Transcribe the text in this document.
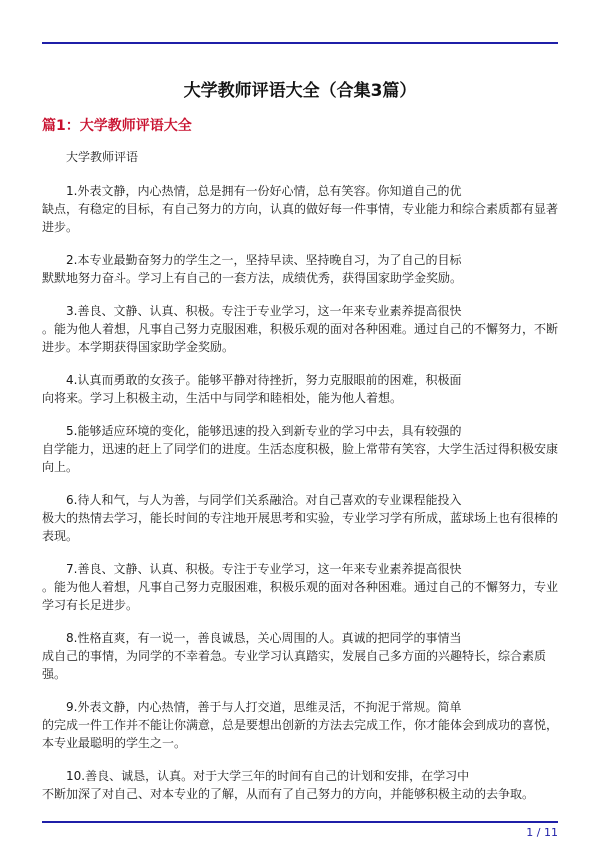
大学教师评语大全（合集3篇）
篇1：大学教师评语大全

大学教师评语

1.外表文静，内心热情，总是拥有一份好心情，总有笑容。你知道自己的优
缺点，有稳定的目标，有自己努力的方向，认真的做好每一件事情，专业能力和综合素质都有显著进步。

2.本专业最勤奋努力的学生之一，坚持早读、坚持晚自习，为了自己的目标
默默地努力奋斗。学习上有自己的一套方法，成绩优秀，获得国家助学金奖励。

3.善良、文静、认真、积极。专注于专业学习，这一年来专业素养提高很快
。能为他人着想，凡事自己努力克服困难，积极乐观的面对各种困难。通过自己的不懈努力，不断进步。本学期获得国家助学金奖励。

4.认真而勇敢的女孩子。能够平静对待挫折，努力克服眼前的困难，积极面
向将来。学习上积极主动，生活中与同学和睦相处，能为他人着想。

5.能够适应环境的变化，能够迅速的投入到新专业的学习中去，具有较强的
自学能力，迅速的赶上了同学们的进度。生活态度积极，脸上常带有笑容，大学生活过得积极安康向上。

6.待人和气，与人为善，与同学们关系融洽。对自己喜欢的专业课程能投入
极大的热情去学习，能长时间的专注地开展思考和实验，专业学习学有所成，蓝球场上也有很棒的表现。

7.善良、文静、认真、积极。专注于专业学习，这一年来专业素养提高很快
。能为他人着想，凡事自己努力克服困难，积极乐观的面对各种困难。通过自己的不懈努力，专业学习有长足进步。

8.性格直爽，有一说一，善良诚恳，关心周围的人。真诚的把同学的事情当
成自己的事情，为同学的不幸着急。专业学习认真踏实，发展自己多方面的兴趣特长，综合素质强。

9.外表文静，内心热情，善于与人打交道，思维灵活，不拘泥于常规。简单
的完成一件工作并不能让你满意，总是要想出创新的方法去完成工作，你才能体会到成功的喜悦，本专业最聪明的学生之一。

10.善良、诚恳，认真。对于大学三年的时间有自己的计划和安排，在学习中
不断加深了对自己、对本专业的了解，从而有了自己努力的方向，并能够积极主动的去争取。

1 / 11
